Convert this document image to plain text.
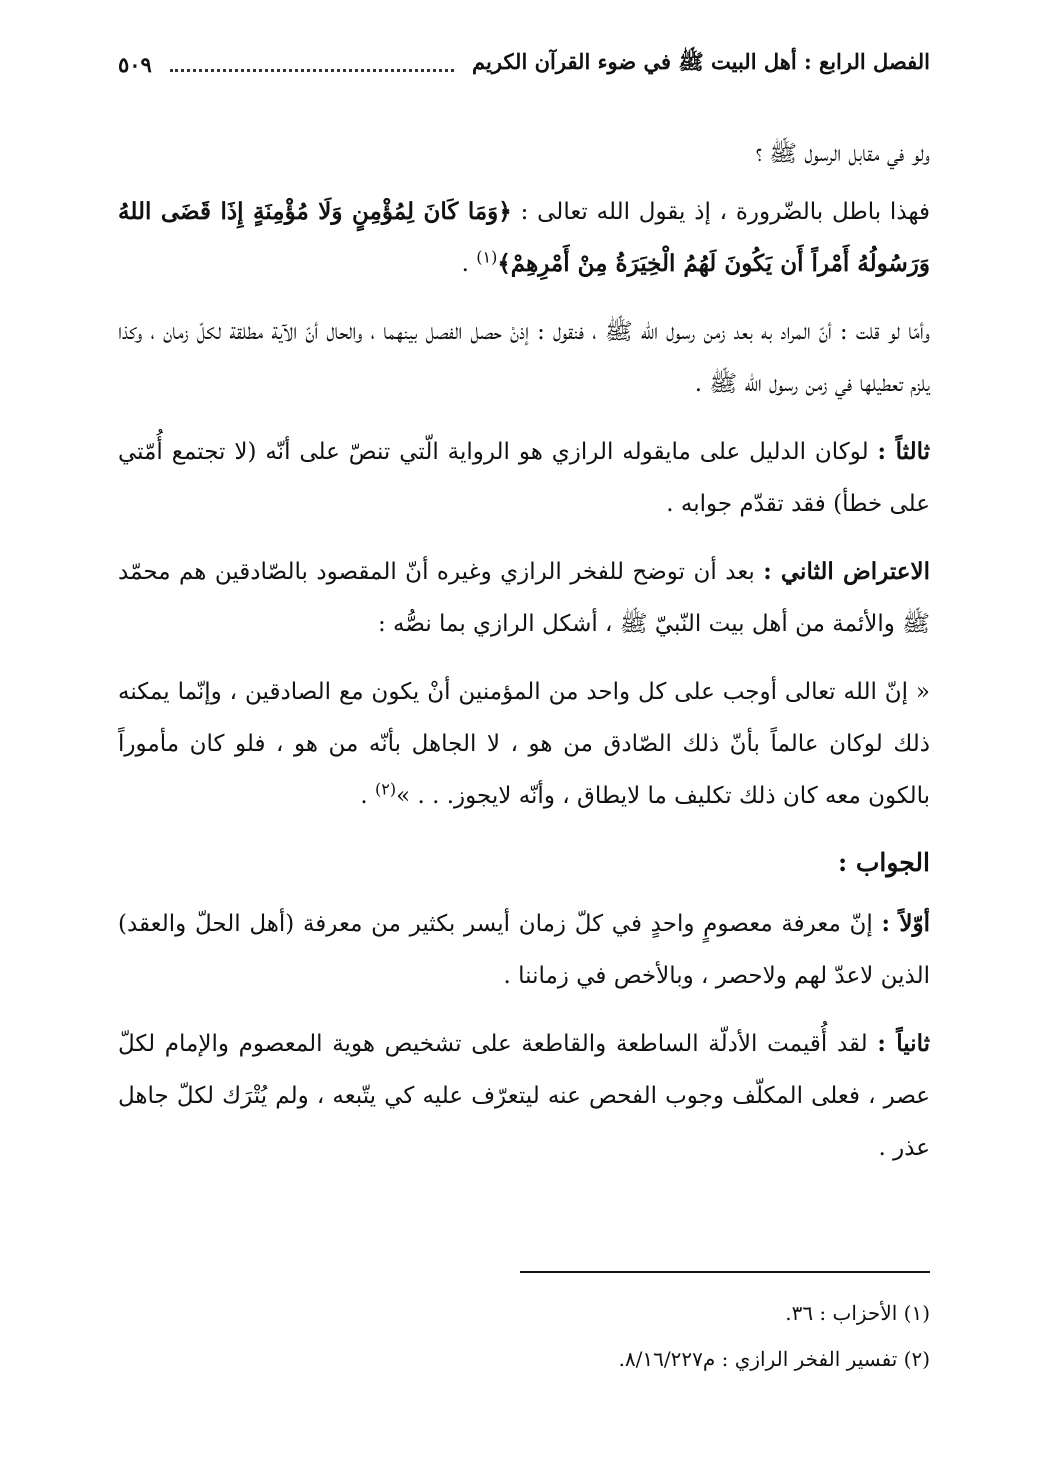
الفصل الرابع : أهل البيت ﷺ في ضوء القرآن الكريم
٥٠٩

ولو في مقابل الرسول ﷺ ؟

فهذا باطل بالضّرورة ، إذ يقول الله تعالى : ﴿وَمَا كَانَ لِمُؤْمِنٍ وَلَا مُؤْمِنَةٍ إِذَا قَضَى اللهُ وَرَسُولُهُ أَمْراً أَن يَكُونَ لَهُمُ الْخِيَرَةُ مِنْ أَمْرِهِمْ﴾$^{(١)}$ .

وأمّا لو قلت : أنّ المراد به بعد زمن رسول الله ﷺ ، فنقول : إذنْ حصل الفصل بينهما ، والحال أنّ الآية مطلقة لكلّ زمان ، وكذا يلزم تعطيلها في زمن رسول الله ﷺ .

ثالثاً : لوكان الدليل على مايقوله الرازي هو الرواية الّتي تنصّ على أنّه (لا تجتمع أُمّتي على خطأ) فقد تقدّم جوابه .

الاعتراض الثاني : بعد أن توضح للفخر الرازي وغيره أنّ المقصود بالصّادقين هم محمّد ﷺ والأئمة من أهل بيت النّبيّ ﷺ ، أشكل الرازي بما نصُّه :

« إنّ الله تعالى أوجب على كل واحد من المؤمنين أنْ يكون مع الصادقين ، وإنّما يمكنه ذلك لوكان عالماً بأنّ ذلك الصّادق من هو ، لا الجاهل بأنّه من هو ، فلو كان مأموراً بالكون معه كان ذلك تكليف ما لايطاق ، وأنّه لايجوز. . . »$^{(٢)}$ .

الجواب :

أوّلاً : إنّ معرفة معصومٍ واحدٍ في كلّ زمان أيسر بكثير من معرفة (أهل الحلّ والعقد) الذين لاعدّ لهم ولاحصر ، وبالأخص في زماننا .

ثانياً : لقد أُقيمت الأدلّة الساطعة والقاطعة على تشخيص هوية المعصوم والإمام لكلّ عصر ، فعلى المكلّف وجوب الفحص عنه ليتعرّف عليه كي يتّبعه ، ولم يُتْرَك لكلّ جاهل عذر .

(١) الأحزاب : ٣٦.

(٢) تفسير الفخر الرازي : م٨/١٦/٢٢٧.
